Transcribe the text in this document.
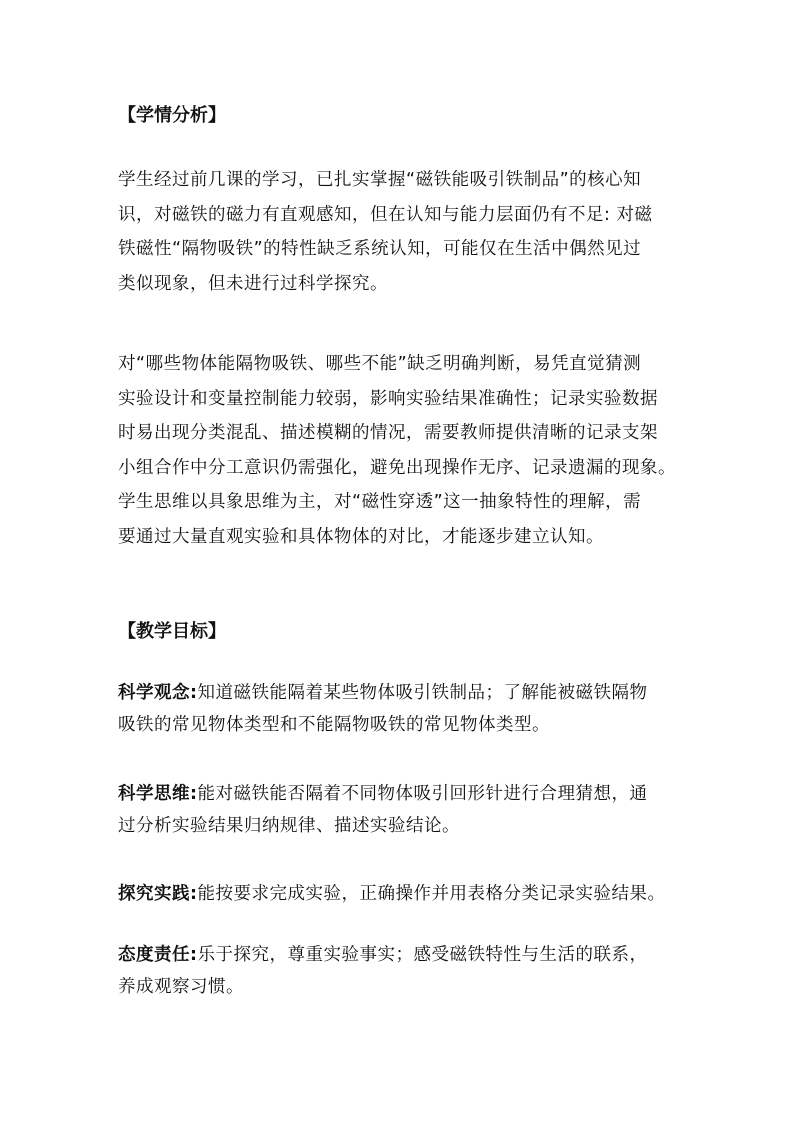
【学情分析】
学生经过前几课的学习，已扎实掌握“磁铁能吸引铁制品”的核心知
识，对磁铁的磁力有直观感知，但在认知与能力层面仍有不足: 对磁
铁磁性“隔物吸铁”的特性缺乏系统认知，可能仅在生活中偶然见过
类似现象，但未进行过科学探究。
对“哪些物体能隔物吸铁、哪些不能”缺乏明确判断，易凭直觉猜测
实验设计和变量控制能力较弱，影响实验结果准确性；记录实验数据
时易出现分类混乱、描述模糊的情况，需要教师提供清晰的记录支架
小组合作中分工意识仍需强化，避免出现操作无序、记录遗漏的现象。
学生思维以具象思维为主，对“磁性穿透”这一抽象特性的理解，需
要通过大量直观实验和具体物体的对比，才能逐步建立认知。
【教学目标】
科学观念:知道磁铁能隔着某些物体吸引铁制品；了解能被磁铁隔物
吸铁的常见物体类型和不能隔物吸铁的常见物体类型。
科学思维:能对磁铁能否隔着不同物体吸引回形针进行合理猜想，通
过分析实验结果归纳规律、描述实验结论。
探究实践:能按要求完成实验，正确操作并用表格分类记录实验结果。
态度责任:乐于探究，尊重实验事实；感受磁铁特性与生活的联系，
养成观察习惯。
